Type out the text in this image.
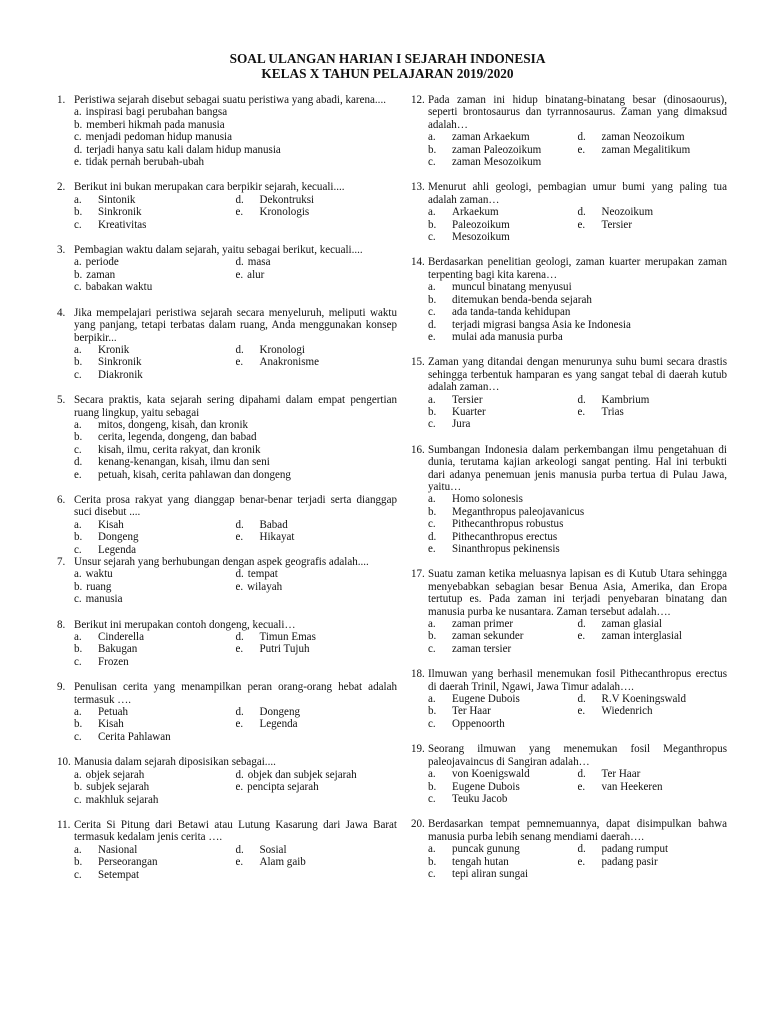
SOAL ULANGAN HARIAN I SEJARAH INDONESIA
KELAS X TAHUN PELAJARAN 2019/2020
1. Peristiwa sejarah disebut sebagai suatu peristiwa yang abadi, karena....
a. inspirasi bagi perubahan bangsa
b. memberi hikmah pada manusia
c. menjadi pedoman hidup manusia
d. terjadi hanya satu kali dalam hidup manusia
e. tidak pernah berubah-ubah
2. Berikut ini bukan merupakan cara berpikir sejarah, kecuali....
a.	Sintonik	d.	Dekontruksi
b.	Sinkronik	e.	Kronologis
c.	Kreativitas
3. Pembagian waktu dalam sejarah, yaitu sebagai berikut, kecuali....
a. periode	d. masa
b. zaman	e. alur
c. babakan waktu
4. Jika mempelajari peristiwa sejarah secara menyeluruh, meliputi waktu yang panjang, tetapi terbatas dalam ruang, Anda menggunakan konsep berpikir...
a.	Kronik	d.	Kronologi
b.	Sinkronik	e.	Anakronisme
c.	Diakronik
5. Secara praktis, kata sejarah sering dipahami dalam empat pengertian ruang lingkup, yaitu sebagai
a.	mitos, dongeng, kisah, dan kronik
b.	cerita, legenda, dongeng, dan babad
c.	kisah, ilmu, cerita rakyat, dan kronik
d.	kenang-kenangan, kisah, ilmu dan seni
e.	petuah, kisah, cerita pahlawan dan dongeng
6. Cerita prosa rakyat yang dianggap benar-benar terjadi serta dianggap suci disebut ....
a.	Kisah	d.	Babad
b.	Dongeng	e.	Hikayat
c.	Legenda
7. Unsur sejarah yang berhubungan dengan aspek geografis adalah....
a. waktu	d. tempat
b. ruang	e. wilayah
c. manusia
8. Berikut ini merupakan contoh dongeng, kecuali…
a.	Cinderella	d.	Timun Emas
b.	Bakugan	e.	Putri Tujuh
c.	Frozen
9. Penulisan cerita yang menampilkan peran orang-orang hebat adalah termasuk ….
a.	Petuah	d.	Dongeng
b.	Kisah	e.	Legenda
c.	Cerita Pahlawan
10. Manusia dalam sejarah diposisikan sebagai....
a. objek sejarah	d. objek dan subjek sejarah
b. subjek sejarah	e. pencipta sejarah
c. makhluk sejarah
11. Cerita Si Pitung dari Betawi atau Lutung Kasarung dari Jawa Barat termasuk kedalam jenis cerita ….
a.	Nasional	d.	Sosial
b.	Perseorangan	e.	Alam gaib
c.	Setempat
12. Pada zaman ini hidup binatang-binatang besar (dinosaourus), seperti brontosaurus dan tyrrannosaurus. Zaman yang dimaksud adalah…
a.	zaman Arkaekum	d.	zaman Neozoikum
b.	zaman Paleozoikum	e.	zaman Megalitikum
c.	zaman Mesozoikum
13. Menurut ahli geologi, pembagian umur bumi yang paling tua adalah zaman…
a.	Arkaekum	d.	Neozoikum
b.	Paleozoikum	e.	Tersier
c.	Mesozoikum
14. Berdasarkan penelitian geologi, zaman kuarter merupakan zaman terpenting bagi kita karena…
a.	muncul binatang menyusui
b.	ditemukan benda-benda sejarah
c.	ada tanda-tanda kehidupan
d.	terjadi migrasi bangsa Asia ke Indonesia
e.	mulai ada manusia purba
15. Zaman yang ditandai dengan menurunya suhu bumi secara drastis sehingga terbentuk hamparan es yang sangat tebal di daerah kutub adalah zaman…
a.	Tersier	d.	Kambrium
b.	Kuarter	e.	Trias
c.	Jura
16. Sumbangan Indonesia dalam perkembangan ilmu pengetahuan di dunia, terutama kajian arkeologi sangat penting. Hal ini terbukti dari adanya penemuan jenis manusia purba tertua di Pulau Jawa, yaitu…
a.	Homo solonesis
b.	Meganthropus paleojavanicus
c.	Pithecanthropus robustus
d.	Pithecanthropus erectus
e.	Sinanthropus pekinensis
17. Suatu zaman ketika meluasnya lapisan es di Kutub Utara sehingga menyebabkan sebagian besar Benua Asia, Amerika, dan Eropa tertutup es. Pada zaman ini terjadi penyebaran binatang dan manusia purba ke nusantara. Zaman tersebut adalah….
a.	zaman primer	d.	zaman glasial
b.	zaman sekunder	e.	zaman interglasial
c.	zaman tersier
18. Ilmuwan yang berhasil menemukan fosil Pithecanthropus erectus di daerah Trinil, Ngawi, Jawa Timur adalah….
a.	Eugene Dubois	d.	R.V Koeningswald
b.	Ter Haar	e.	Wiedenrich
c.	Oppenoorth
19. Seorang ilmuwan yang menemukan fosil Meganthropus paleojavaincus di Sangiran adalah…
a.	von Koenigswald	d.	Ter Haar
b.	Eugene Dubois	e.	van Heekeren
c.	Teuku Jacob
20. Berdasarkan tempat pemnemuannya, dapat disimpulkan bahwa manusia purba lebih senang mendiami daerah….
a.	puncak gunung	d.	padang rumput
b.	tengah hutan	e.	padang pasir
c.	tepi aliran sungai
